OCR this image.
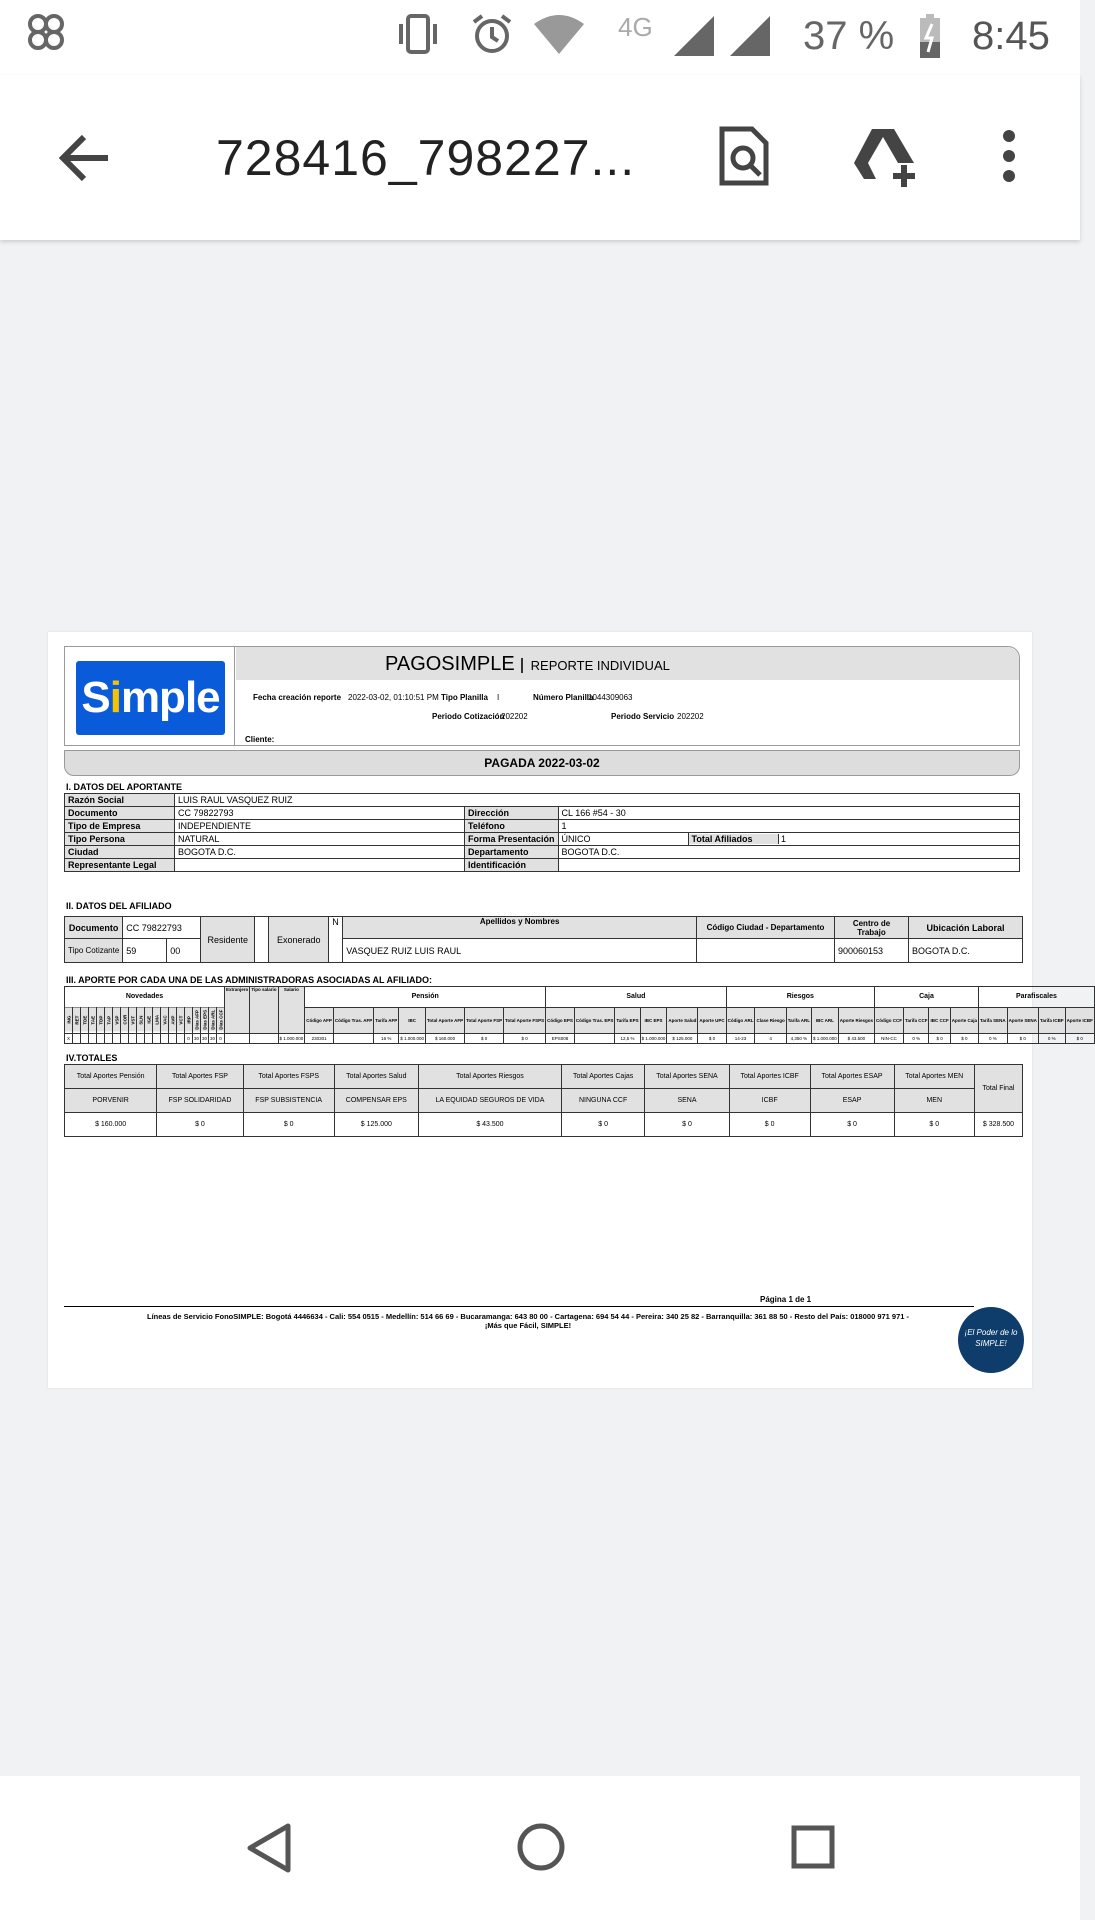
4G	37 % 8:45
728416_798227...
Simple
PAGOSIMPLE REPORTE INDIVIDUAL
Fecha creación reporte 2022-03-02, 01:10:51 PM Tipo Planilla I	Número Planilla
1044309063
Periodo Cotización
202202	Periodo Servicio 202202
Cliente:
PAGADA 2022-03-02
I. DATOS DEL APORTANTE
Razón Social	LUIS RAUL VASQUEZ RUIZ			
Documento	CC 79822793	Dirección	CL 166 #54 - 30	
Tipo de Empresa	INDEPENDIENTE	Teléfono	1	
Tipo Persona	NATURAL	Forma Presentación	ÚNICO	Total Afiliados 1
Ciudad	BOGOTA D.C.	Departamento	BOGOTA D.C.	
Representante Legal		Identificación		
II. DATOS DEL AFILIADO
Documento	CC 79822793		Residente		Exonerado	N	Apellidos y Nombres	Código Ciudad - Departamento	Centro de Trabajo	Ubicación Laboral
Tipo Cotizante	59	00					VASQUEZ RUIZ LUIS RAUL		900060153	BOGOTA D.C.
III. APORTE POR CADA UNA DE LAS ADMINISTRADORAS ASOCIADAS AL AFILIADO:
Novedades																				Extranjero	Tipo salario	Salario	Pensión							Salud						Riesgos					Caja				Parafiscales			
ING	RET	TDE	TAE	TDP	TAP	VSP	COR	VST	SLN	IGE	LMA	VAC	AVP	VCT	IRP	Dias AFP	Dias EPS	Dias ARL	Dias CCF				Código AFP	Código Tras. AFP	Tarifa AFP	IBC	Total Aporte AFP	Total Aporte FSP	Total Aporte FSPS	Código EPS	Código Tras. EPS	Tarifa EPS	IBC EPS	Aporte Salud	Aporte UPC	Código ARL	Clase Riesgo	Tarifa ARL	IBC ARL	Aporte Riesgos	Código CCF	Tarifa CCF	IBC CCF	Aporte Caja	Tarifa SENA	Aporte SENA	Tarifa ICBF	Aporte ICBF
X															0	30	30	30	0			$ 1.000.000	230301		16 %	$ 1.000.000	$ 160.000	$ 0	$ 0	EPS008		12,5 %	$ 1.000.000	$ 125.000	$ 0	14-23	4	4,350 %	$ 1.000.000	$ 43.500	NIN-CC	0 %	$ 0	$ 0	0 %	$ 0	0 %	$ 0
IV.TOTALES
Total Aportes Pensión	Total Aportes FSP	Total Aportes FSPS	Total Aportes Salud	Total Aportes Riesgos	Total Aportes Cajas	Total Aportes SENA	Total Aportes ICBF	Total Aportes ESAP	Total Aportes MEN	Total Final
PORVENIR	FSP SOLIDARIDAD	FSP SUBSISTENCIA	COMPENSAR EPS	LA EQUIDAD SEGUROS DE VIDA	NINGUNA CCF	SENA	ICBF	ESAP	MEN	
$ 160.000	$ 0	$ 0	$ 125.000	$ 43.500	$ 0	$ 0	$ 0	$ 0	$ 0	$ 328.500
Página 1 de 1
Líneas de Servicio FonoSIMPLE: Bogotá 4446634 - Cali: 554 0515 - Medellín: 514 66 69 - Bucaramanga: 643 80 00 - Cartagena: 694 54 44 - Pereira: 340 25 82 - Barranquilla: 361 88 50 - Resto del País: 018000 971 971 -
¡Más que Fácil, SIMPLE!
¡El Poder de lo SIMPLE!
